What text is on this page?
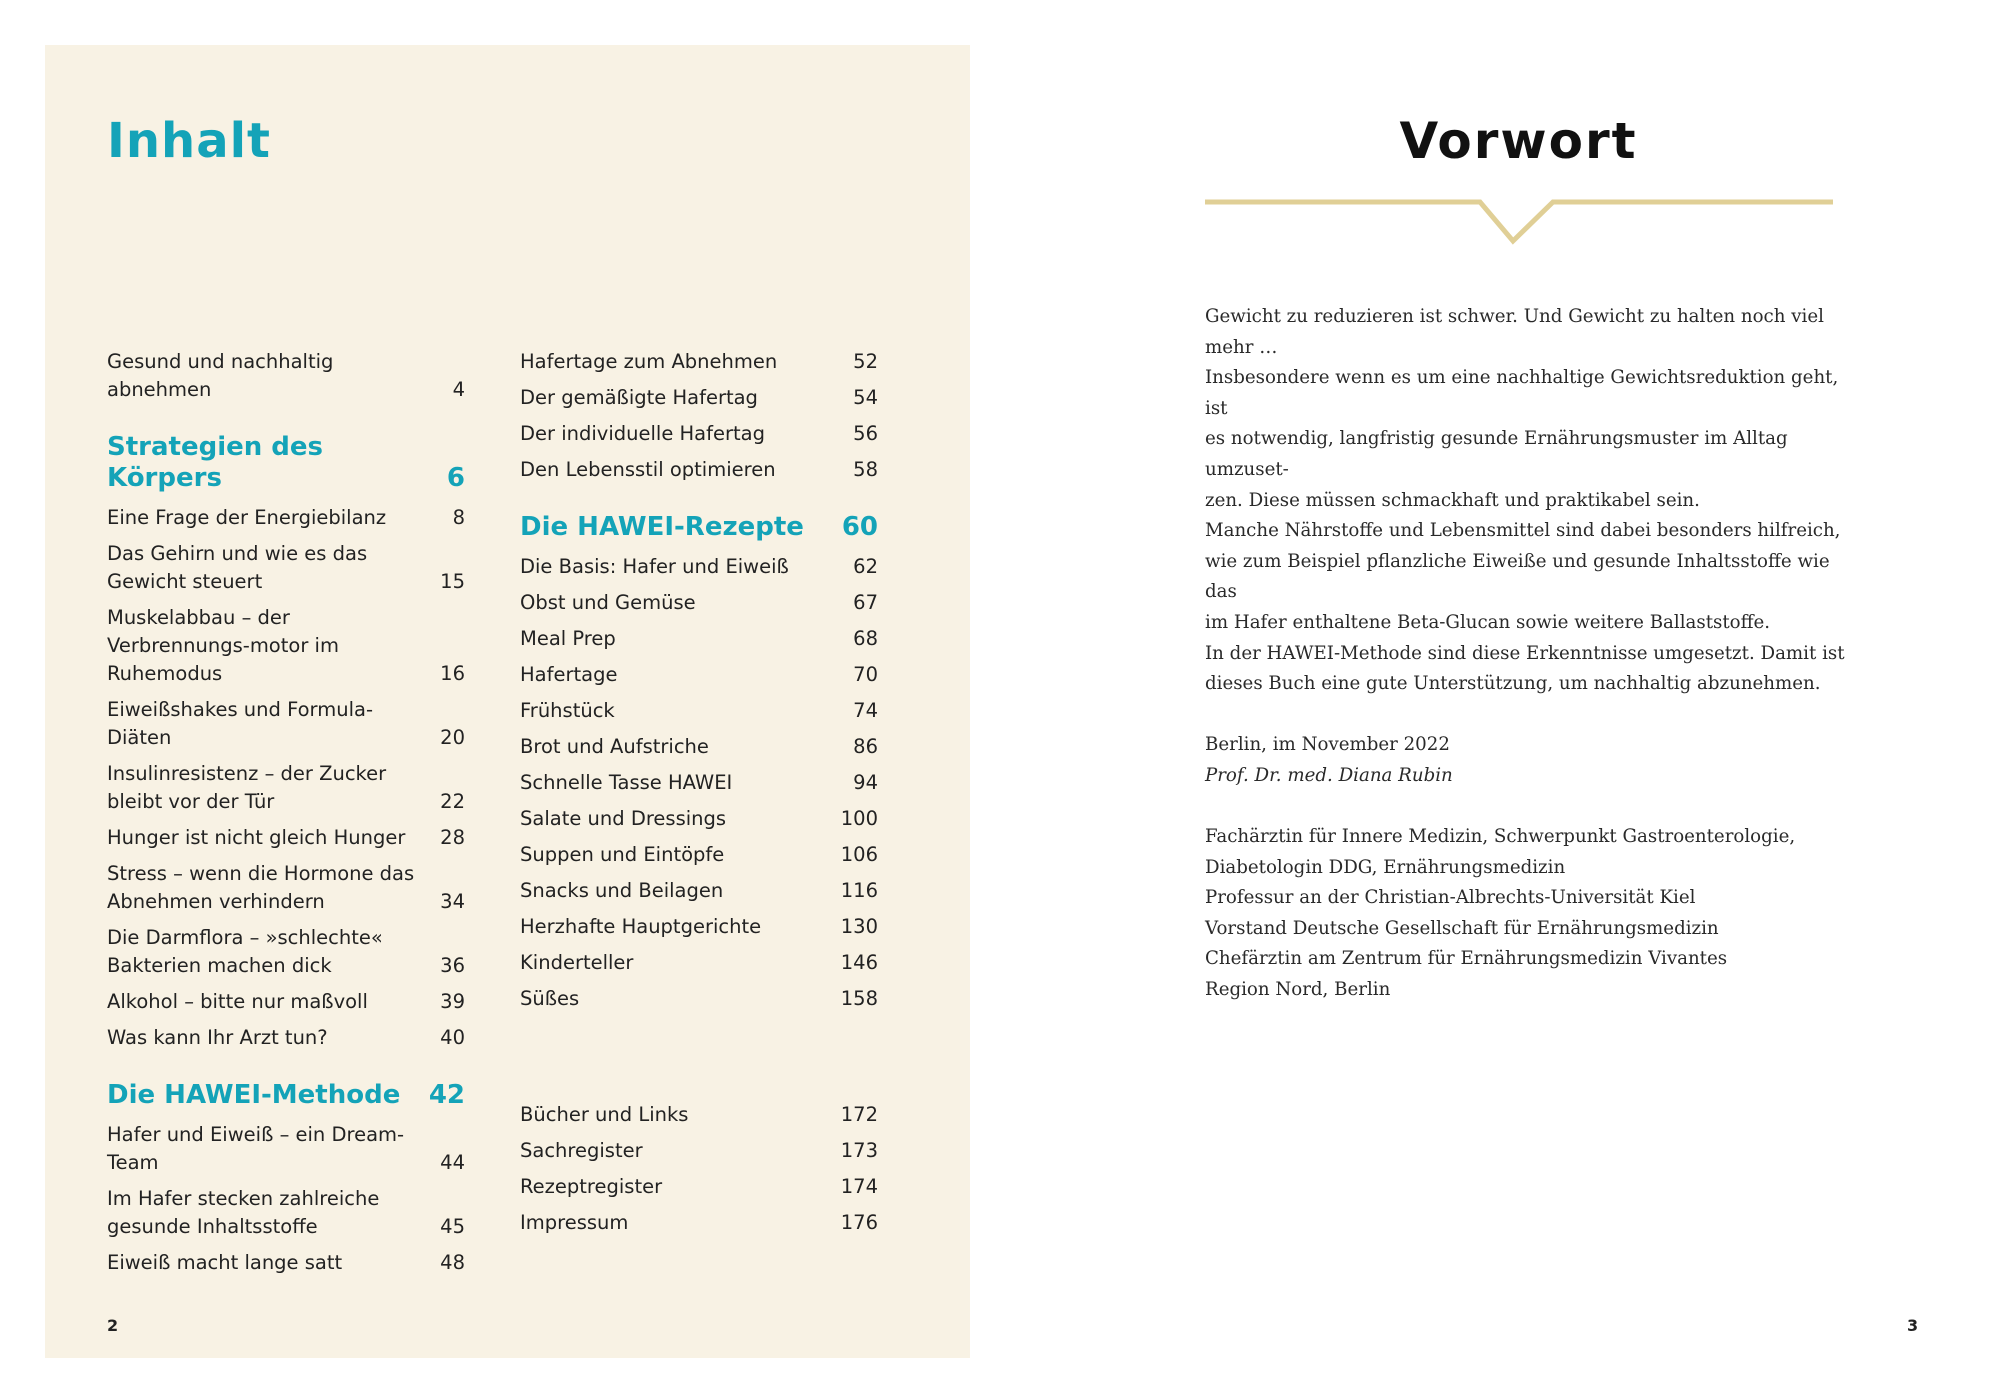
Inhalt
Gesund und nachhaltig abnehmen	4
Strategien des Körpers	6
Eine Frage der Energiebilanz	8
Das Gehirn und wie es das Gewicht steuert	15
Muskelabbau – der Verbrennungs-motor im Ruhemodus	16
Eiweißshakes und Formula-Diäten	20
Insulinresistenz – der Zucker bleibt vor der Tür	22
Hunger ist nicht gleich Hunger	28
Stress – wenn die Hormone das Abnehmen verhindern	34
Die Darmflora – »schlechte« Bakterien machen dick	36
Alkohol – bitte nur maßvoll	39
Was kann Ihr Arzt tun?	40
Die HAWEI-Methode 42
Hafer und Eiweiß – ein Dream-Team	44
Im Hafer stecken zahlreiche gesunde Inhaltsstoffe	45
Eiweiß macht lange satt	48
Hafertage zum Abnehmen	52
Der gemäßigte Hafertag	54
Der individuelle Hafertag	56
Den Lebensstil optimieren	58
Die HAWEI-Rezepte 60
Die Basis: Hafer und Eiweiß	62
Obst und Gemüse	67
Meal Prep	68
Hafertage	70
Frühstück	74
Brot und Aufstriche	86
Schnelle Tasse HAWEI	94
Salate und Dressings	100
Suppen und Eintöpfe	106
Snacks und Beilagen	116
Herzhafte Hauptgerichte	130
Kinderteller	146
Süßes	158
Bücher und Links	172
Sachregister	173
Rezeptregister	174
Impressum	176
2
Vorwort

Gewicht zu reduzieren ist schwer. Und Gewicht zu halten noch viel mehr …

Insbesondere wenn es um eine nachhaltige Gewichtsreduktion geht, ist

es notwendig, langfristig gesunde Ernährungsmuster im Alltag umzuset-

zen. Diese müssen schmackhaft und praktikabel sein.

Manche Nährstoffe und Lebensmittel sind dabei besonders hilfreich,

wie zum Beispiel pflanzliche Eiweiße und gesunde Inhaltsstoffe wie das

im Hafer enthaltene Beta-Glucan sowie weitere Ballaststoffe.

In der HAWEI-Methode sind diese Erkenntnisse umgesetzt. Damit ist

dieses Buch eine gute Unterstützung, um nachhaltig abzunehmen.

Berlin, im November 2022

Prof. Dr. med. Diana Rubin

Fachärztin für Innere Medizin, Schwerpunkt Gastroenterologie,

Diabetologin DDG, Ernährungsmedizin

Professur an der Christian-Albrechts-Universität Kiel

Vorstand Deutsche Gesellschaft für Ernährungsmedizin

Chefärztin am Zentrum für Ernährungsmedizin Vivantes

Region Nord, Berlin

3
